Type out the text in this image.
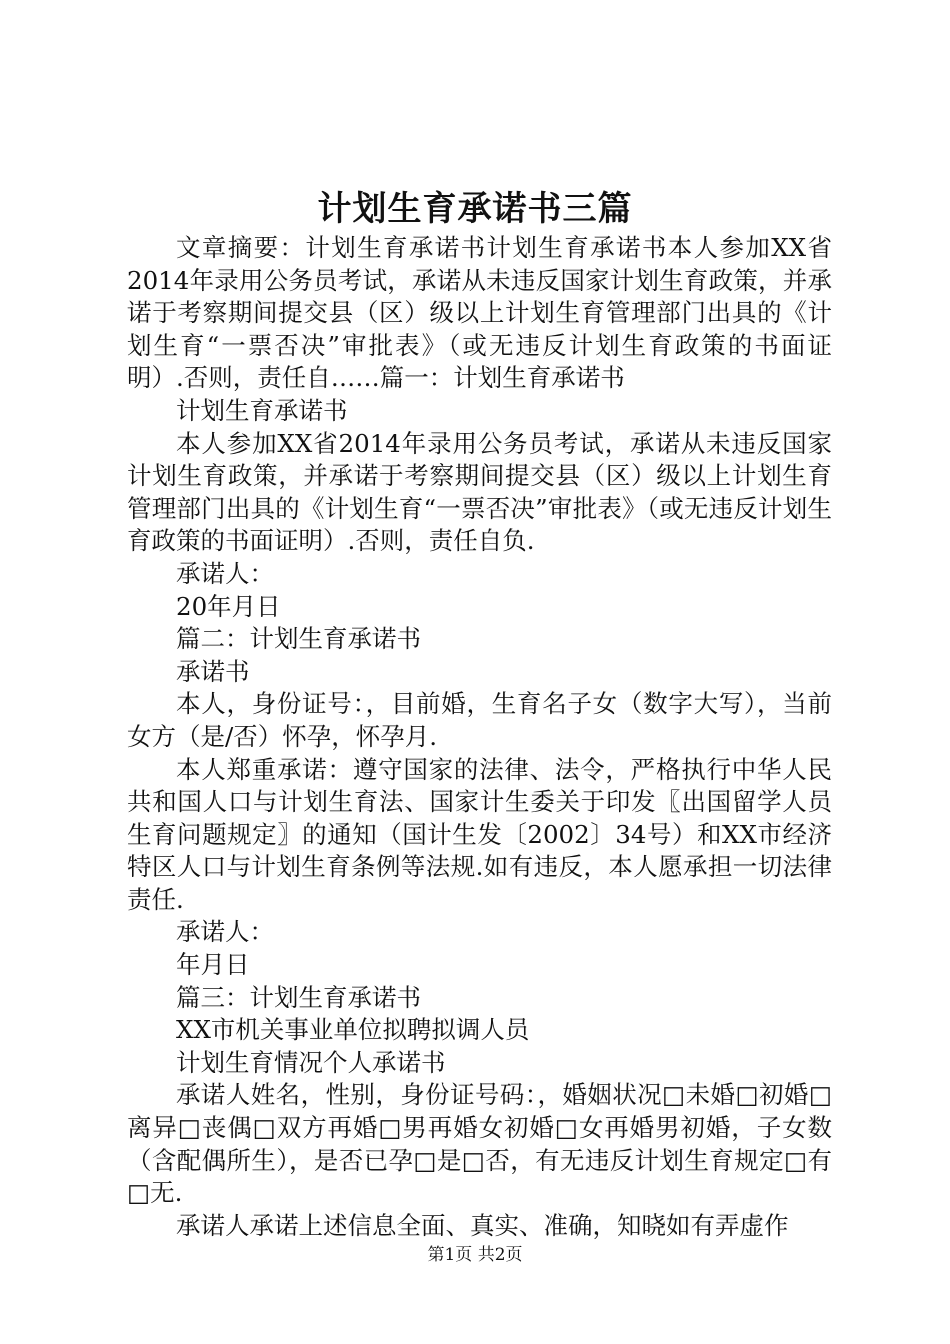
计划生育承诺书三篇

文章摘要：计划生育承诺书计划生育承诺书本人参加XX省2014年录用公务员考试，承诺从未违反国家计划生育政策，并承诺于考察期间提交县（区）级以上计划生育管理部门出具的《计划生育“一票否决”审批表》（或无违反计划生育政策的书面证明）.否则，责任自……篇一：计划生育承诺书

计划生育承诺书

本人参加XX省2014年录用公务员考试，承诺从未违反国家计划生育政策，并承诺于考察期间提交县（区）级以上计划生育管理部门出具的《计划生育“一票否决”审批表》（或无违反计划生育政策的书面证明）.否则，责任自负.

承诺人：

20年月日

篇二：计划生育承诺书

承诺书

本人，身份证号：，目前婚，生育名子女（数字大写），当前女方（是/否）怀孕，怀孕月.

本人郑重承诺：遵守国家的法律、法令，严格执行中华人民共和国人口与计划生育法、国家计生委关于印发〖出国留学人员生育问题规定〗的通知（国计生发〔2002〕34号）和XX市经济特区人口与计划生育条例等法规.如有违反，本人愿承担一切法律责任.

承诺人：

年月日

篇三：计划生育承诺书

XX市机关事业单位拟聘拟调人员

计划生育情况个人承诺书

承诺人姓名，性别，身份证号码：，婚姻状况□未婚□初婚□离异□丧偶□双方再婚□男再婚女初婚□女再婚男初婚，子女数（含配偶所生），是否已孕□是□否，有无违反计划生育规定□有□无.

承诺人承诺上述信息全面、真实、准确，知晓如有弄虚作

第1页 共2页
